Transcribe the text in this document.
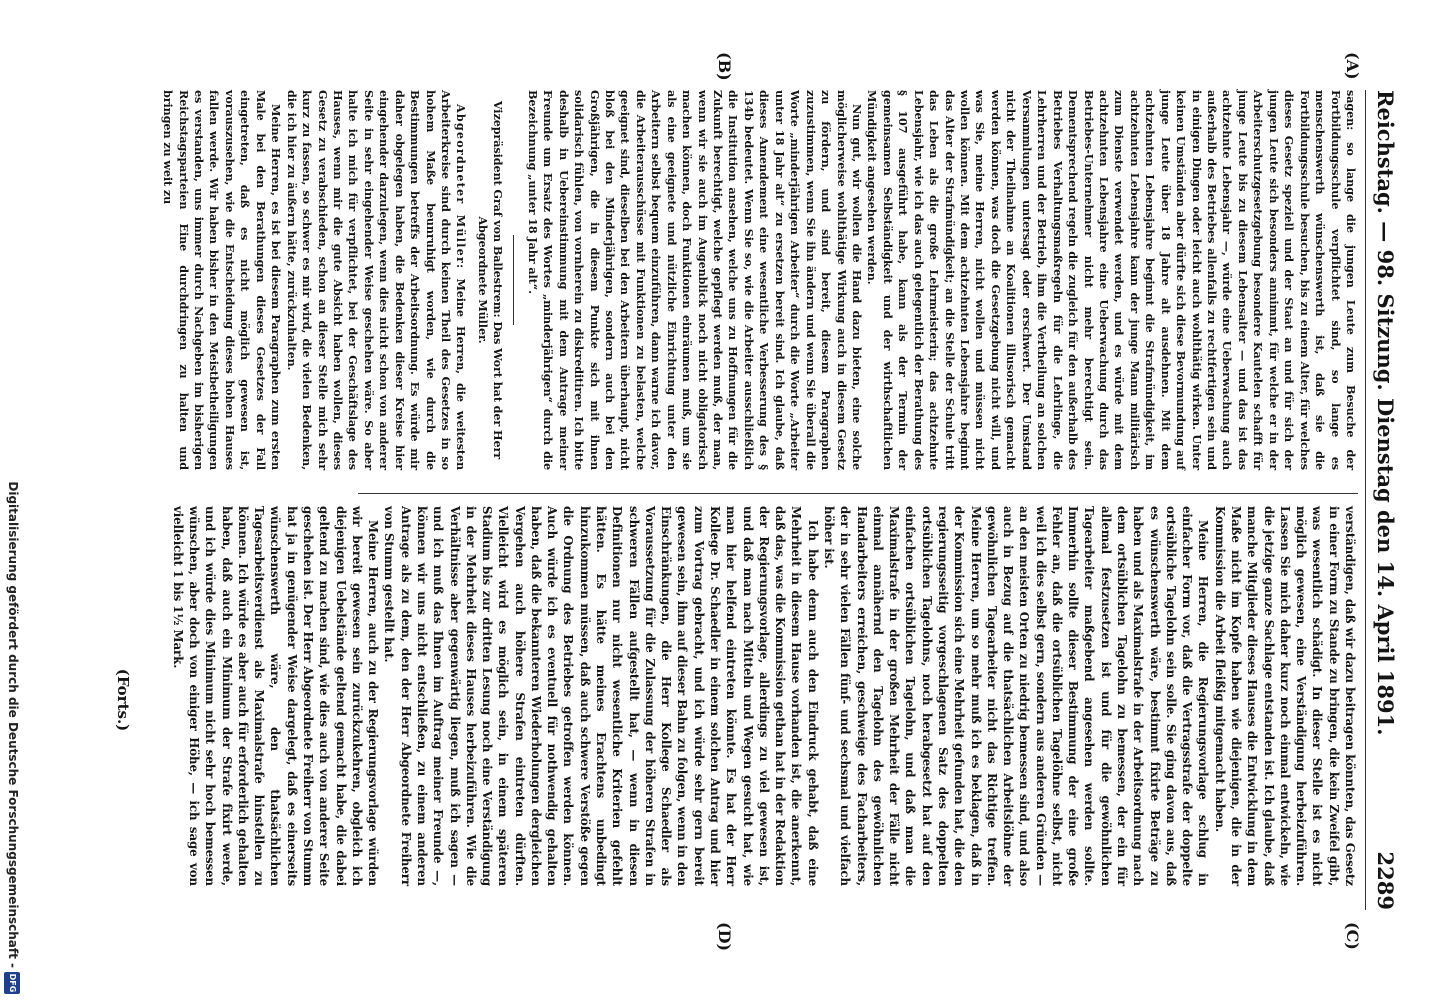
Reichstag. — 98. Sitzung. Dienstag den 14. April 1891.
2289
(A)
(B)
(C)
(D)

sagen: so lange die jungen Leute zum Besuche der Fortbildungsschule verpflichtet sind, so lange es menschenswerth wünschenswerth ist, daß sie die Fortbildungsschule besuchen, bis zu einem Alter, für welches dieses Gesetz speziell und der Staat an und für sich der jungen Leute sich besonders annimmt, für welche er in der Arbeiterschutzgesetzgebung besondere Kautelen schafft für junge Leute bis zu diesem Lebensalter — und das ist das achtzehnte Lebensjahr —, würde eine Ueberwachung auch außerhalb des Betriebes allenfalls zu rechtfertigen sein und in einigen Dingen oder leicht auch wohlthätig wirken. Unter keinen Umständen aber dürfte sich diese Bevormundung auf junge Leute über 18 Jahre alt ausdehnen. Mit dem achtzehnten Lebensjahre beginnt die Strafmündigkeit, im achtzehnten Lebensjahre kann der junge Mann militärisch zum Dienste verwendet werden, und es würde mit dem achtzehnten Lebensjahre eine Ueberwachung durch das Betriebes-Unternehmer nicht mehr berechtigt sein. Dementsprechend regeln die zugleich für den außerhalb des Betriebes Verhaltungsmaßregeln für die Lehrlinge, die Lehrherren und der Betrieb, ihm die Vertheilung an solchen Versammlungen untersagt oder erschwert. Der Umstand nicht der Theilnahme an Koalitionen illusorisch gemacht werden können, was doch die Gesetzgebung nicht will, und was Sie, meine Herren, nicht wollen und müssen nicht wollen können. Mit dem achtzehnten Lebensjahre beginnt das Alter der Strafmündigkeit; an die Stelle der Schule tritt das Leben als die große Lehrmeisterin; das achtzehnte Lebensjahr, wie ich das auch gelegentlich der Berathung des § 107 ausgeführt habe, kann als der Termin der gemeinsamen Selbständigkeit und der wirthschaftlichen Mündigkeit angesehen werden.

Nun gut, wir wollen die Hand dazu bieten, eine solche möglicherweise wohlthätige Wirkung auch in diesem Gesetz zu fördern, und sind bereit, diesem Paragraphen zuzustimmen, wenn Sie ihn ändern und wenn Sie überall die Worte „minderjährigen Arbeiter“ durch die Worte „Arbeiter unter 18 Jahr alt“ zu ersetzen bereit sind. Ich glaube, daß dieses Amendement eine wesentliche Verbesserung des § 134b bedeutet. Wenn Sie so, wie die Arbeiter ausschließlich die Institution ansehen, welche uns zu Hoffnungen für die Zukunft berechtigt, welche gepflegt werden muß, der man, wenn wir sie auch im Augenblick noch nicht obligatorisch machen können, doch Funktionen einräumen muß, um sie als eine geeignete und nützliche Einrichtung unter den Arbeitern selbst bequem einzuführen, dann warne ich davor, die Arbeiterausschüsse mit Funktionen zu belasten, welche geeignet sind, dieselben bei den Arbeitern überhaupt, nicht bloß bei den Minderjährigen, sondern auch bei den Großjährigen, die in diesem Punkte sich mit ihnen solidarisch fühlen, von vornherein zu diskreditiren. Ich bitte deshalb in Uebereinstimmung mit dem Antrage meiner Freunde um Ersatz des Wortes „minderjährigen“ durch die Bezeichnung „unter 18 Jahr alt“.

Vizepräsident Graf von Ballestrem: Das Wort hat der Herr Abgeordnete Müller.

Abgeordneter Müller: Meine Herren, die weitesten Arbeiterkreise sind durch keinen Theil des Gesetzes in so hohem Maße beunruhigt worden, wie durch die Bestimmungen betreffs der Arbeitsordnung. Es würde mir daher obgelegen haben, die Bedenken dieser Kreise hier eingehender darzulegen, wenn dies nicht schon von anderer Seite in sehr eingehender Weise geschehen wäre. So aber halte ich mich für verpflichtet, bei der Geschäftslage des Hauses, wenn mir die gute Absicht haben wollen, dieses Gesetz zu verabschieden, schon an dieser Stelle mich sehr kurz zu fassen, so schwer es mir wird, die vielen Bedenken, die ich hier zu äußern hätte, zurückzuhalten.

Meine Herren, es ist bei diesem Paragraphen zum ersten Male bei den Berathungen dieses Gesetzes der Fall eingetreten, daß es nicht möglich gewesen ist, vorauszusehen, wie die Entscheidung dieses hohen Hauses fallen werde. Wir haben bisher in den Meistbetheiligungen es verstanden, uns immer durch Nachgeben im bisherigen Reichstagsparteien Eine durchdringen zu halten und bringen zu weit zu

verständigen, daß wir dazu beitragen könnten, das Gesetz in einer Form zu Stande zu bringen, die kein Zweifel gibt, was wesentlich schädigt. In dieser Stelle ist es nicht möglich gewesen, eine Verständigung herbeizuführen. Lassen Sie mich daher kurz noch einmal entwickeln, wie die jetzige ganze Sachlage entstanden ist. Ich glaube, daß manche Mitglieder dieses Hauses die Entwicklung in dem Maße nicht im Kopfe haben wie diejenigen, die in der Kommission die Arbeit fleißig mitgemacht haben.

Meine Herren, die Regierungsvorlage schlug in einfacher Form vor, daß die Vertragsstrafe der doppelte ortsübliche Tagelohn sein solle. Sie ging davon aus, daß es wünschenswerth wäre, bestimmt fixirte Beträge zu haben und als Maximalstrafe in der Arbeitsordnung nach dem ortsüblichen Tagelohn zu bemessen, der ein für allemal festzusetzen ist und für die gewöhnlichen Tagearbeiter maßgebend angesehen werden sollte. Immerhin sollte dieser Bestimmung der eine große Fehler an, daß die ortsüblichen Tagelöhne selbst, nicht weil ich dies selbst gern, sondern aus anderen Gründen — an den meisten Orten zu niedrig bemessen sind, und also auch in Bezug auf die thatsächlichen Arbeitslöhne der gewöhnlichen Tagearbeiter nicht das Richtige treffen. Meine Herren, um so mehr muß ich es beklagen, daß in der Kommission sich eine Mehrheit gefunden hat, die den regierungsseitig vorgeschlagenen Satz des doppelten ortsüblichen Tagelohns, noch herabgesetzt hat auf den einfachen ortsüblichen Tagelohn, und daß man die Maximalstrafe in der großen Mehrheit der Fälle nicht einmal annähernd den Tagelohn des gewöhnlichen Handarbeiters erreichen, geschweige des Facharbeiters, der in sehr vielen Fällen fünf- und sechsmal und vielfach höher ist.

Ich habe denn auch den Eindruck gehabt, daß eine Mehrheit in diesem Hause vorhanden ist, die anerkennt, daß das, was die Kommission gethan hat in der Redaktion der Regierungsvorlage, allerdings zu viel gewesen ist, und daß man nach Mitteln und Wegen gesucht hat, wie man hier helfend eintreten könnte. Es hat der Herr Kollege Dr. Schaedler in einem solchen Antrag und hier zum Vortrag gebracht, und ich würde sehr gern bereit gewesen sein, ihm auf dieser Bahn zu folgen, wenn in den Einschränkungen, die Herr Kollege Schaedler als Voraussetzung für die Zulassung der höheren Strafen in schweren Fällen aufgestellt hat, — wenn in diesen Definitionen nur nicht wesentliche Kriterien gefehlt hätten. Es hätte meines Erachtens unbedingt hinzukommen müssen, daß auch schwere Verstöße gegen die Ordnung des Betriebes getroffen werden können. Auch würde ich es eventuell für nothwendig gehalten haben, daß die bekannteren Wiederholungen dergleichen Vergehen auch höhere Strafen eintreten dürften. Vielleicht wird es möglich sein, in einem späteren Stadium bis zur dritten Lesung noch eine Verständigung in der Mehrheit dieses Hauses herbeizuführen. Wie die Verhältnisse aber gegenwärtig liegen, muß ich sagen — und ich muß das Ihnen im Auftrag meiner Freunde —, können wir uns nicht entschließen, zu einem anderen Antrage als zu dem, den der Herr Abgeordnete Freiherr von Stumm gestellt hat.

Meine Herren, auch zu der Regierungsvorlage würden wir bereit gewesen sein zurückzukehren, obgleich ich diejenigen Uebelstände geltend gemacht habe, die dabei geltend zu machen sind, wie dies auch von anderer Seite geschehen ist. Der Herr Abgeordnete Freiherr von Stumm hat ja in genügender Weise dargelegt, daß es einerseits wünschenswerth wäre, den thatsächlichen Tagesarbeitsverdienst als Maximalstrafe hinstellen zu können. Ich würde es aber auch für erforderlich gehalten haben, daß auch ein Minimum der Strafe fixirt werde, und ich würde dies Minimum nicht sehr hoch bemessen wünschen, aber doch von einiger Höhe, — ich sage von vielleicht 1 bis 1½ Mark.

(Forts.)
Digitalisierung gefördert durch die Deutsche Forschungsgemeinschaft -DFG
